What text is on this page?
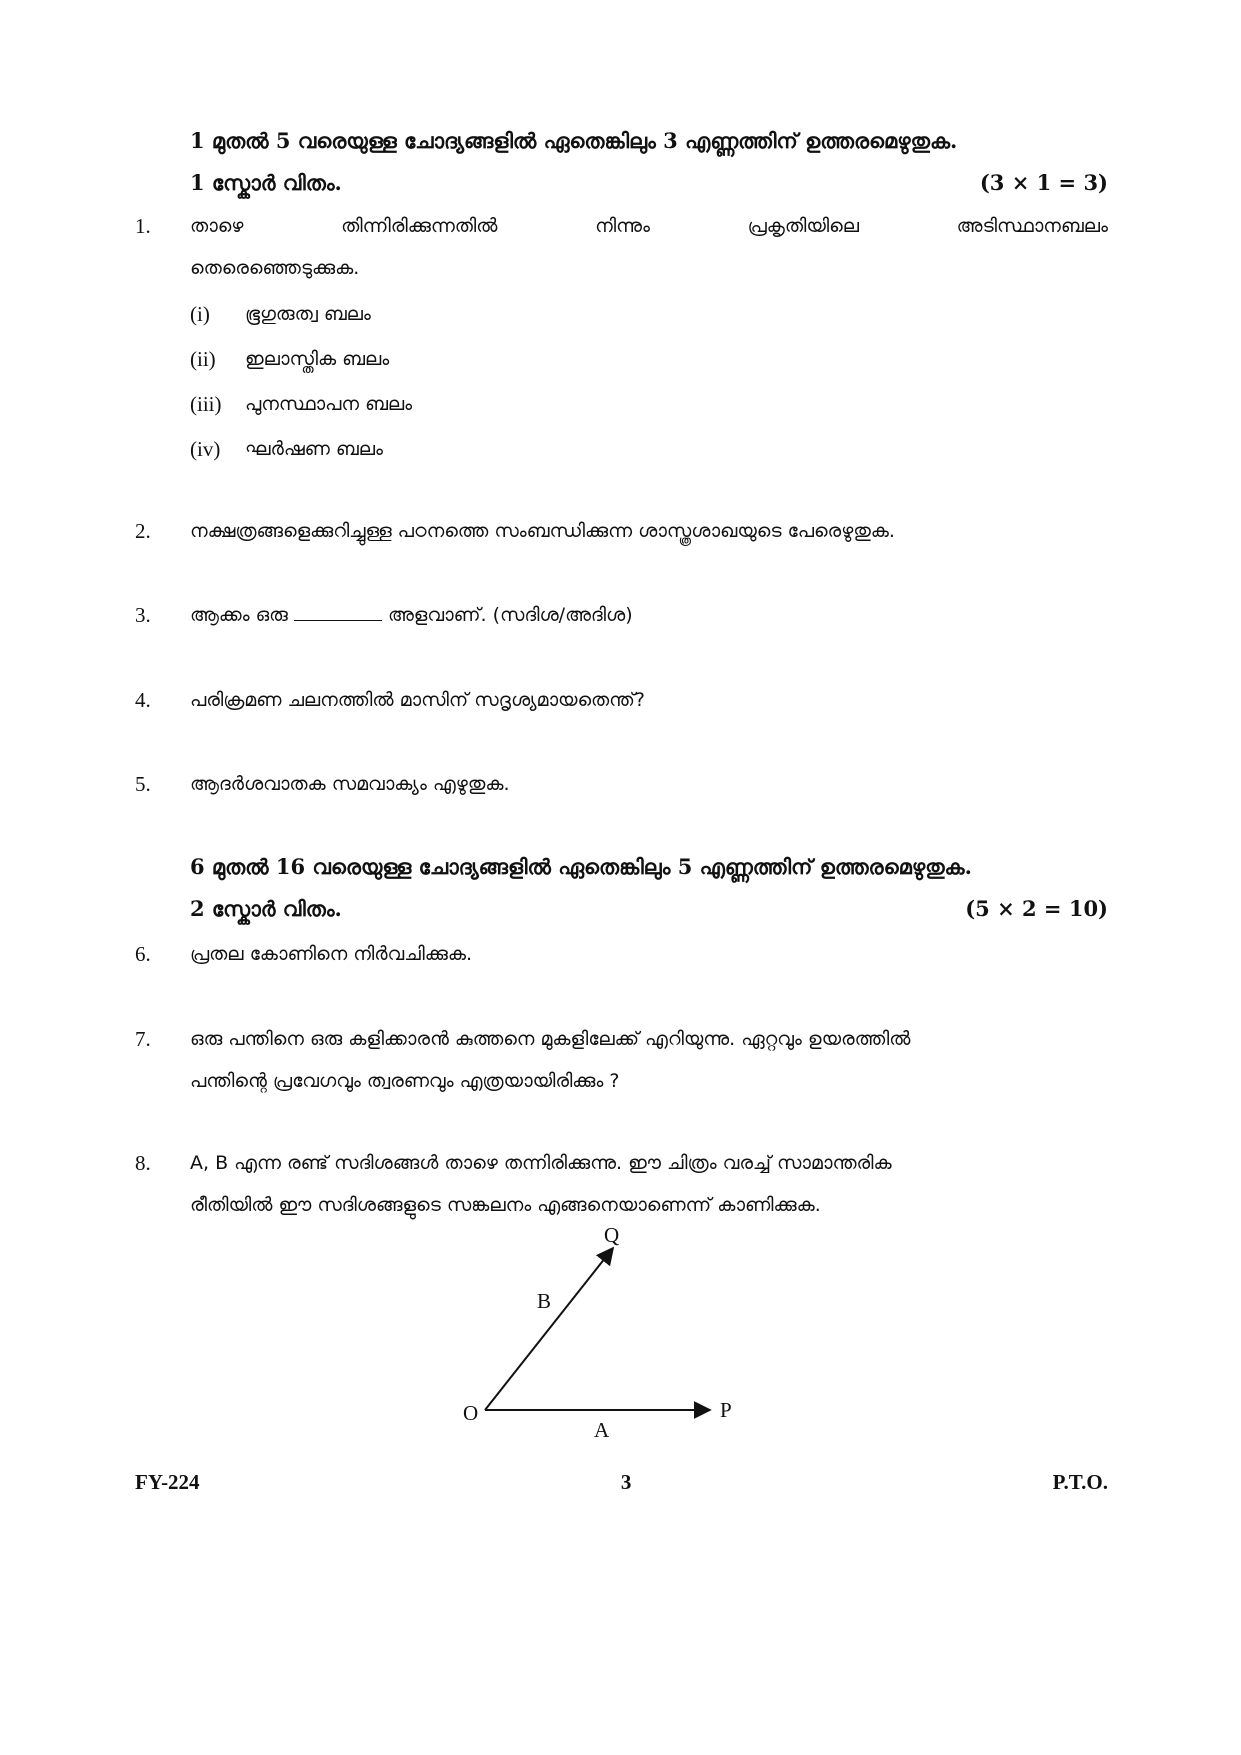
1 മുതൽ 5 വരെയുള്ള ചോദ്യങ്ങളിൽ ഏതെങ്കിലും 3 എണ്ണത്തിന് ഉത്തരമെഴുതുക.
1 സ്കോർ വിതം.	(3 × 1 = 3)
1.	താഴെ	തിന്നിരിക്കുന്നതിൽ	നിന്നും	പ്രകൃതിയിലെ	അടിസ്ഥാനബലം
തെരെഞ്ഞെടുക്കുക.
(i) ഭൂഗുരുത്വ ബലം
(ii) ഇലാസ്തിക ബലം
(iii) പുനസ്ഥാപന ബലം
(iv) ഘർഷണ ബലം
2.	നക്ഷത്രങ്ങളെക്കുറിച്ചുള്ള പഠനത്തെ സംബന്ധിക്കുന്ന ശാസ്ത്രശാഖയുടെ പേരെഴുതുക.
3.	ആക്കം ഒരു	അളവാണ്. (സദിശ/അദിശ)
4.	പരിക്രമണ ചലനത്തിൽ മാസിന് സദൃശ്യമായതെന്ത്?
5.	ആദർശവാതക സമവാക്യം എഴുതുക.
6 മുതൽ 16 വരെയുള്ള ചോദ്യങ്ങളിൽ ഏതെങ്കിലും 5 എണ്ണത്തിന് ഉത്തരമെഴുതുക.
2 സ്കോർ വിതം.	(5 × 2 = 10)
6.	പ്രതല കോണിനെ നിർവചിക്കുക.
7.	ഒരു പന്തിനെ ഒരു കളിക്കാരൻ കുത്തനെ മുകളിലേക്ക് എറിയുന്നു. ഏറ്റവും ഉയരത്തിൽ
പന്തിന്റെ പ്രവേഗവും ത്വരണവും എത്രയായിരിക്കും ?
8.	A, B എന്ന രണ്ട് സദിശങ്ങൾ താഴെ തന്നിരിക്കുന്നു. ഈ ചിത്രം വരച്ച് സാമാന്തരിക
രീതിയിൽ ഈ സദിശങ്ങളുടെ സങ്കലനം എങ്ങനെയാണെന്ന് കാണിക്കുക.
O	P
Q
A
B
FY-224	3	P.T.O.
